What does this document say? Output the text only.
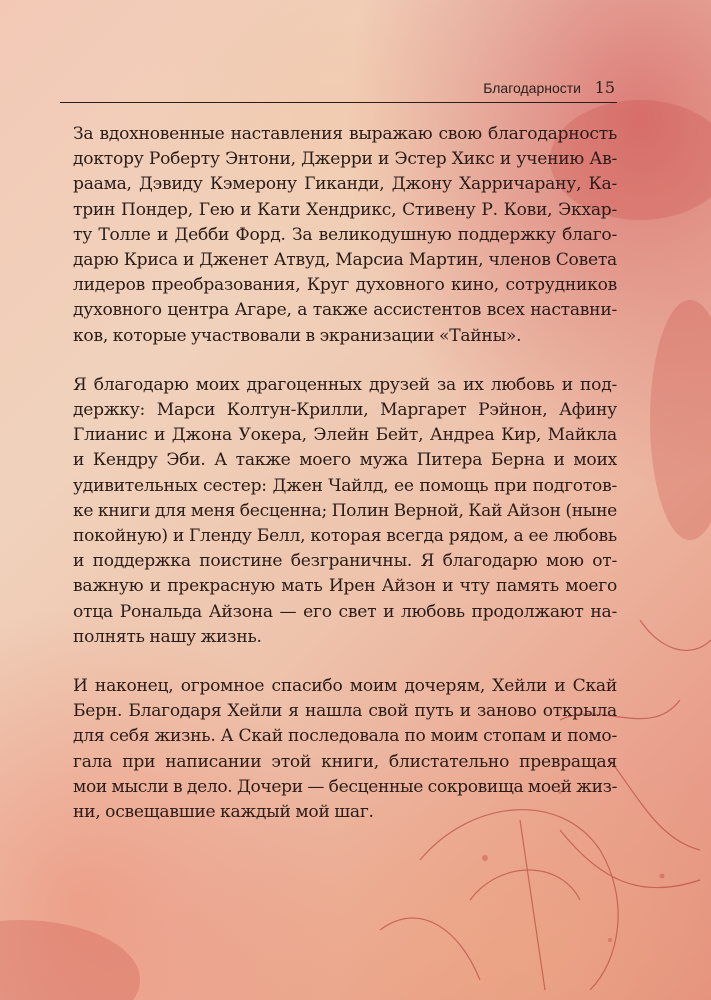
Благодарности 15

За вдохновенные наставления выражаю свою благодарность
доктору Роберту Энтони, Джерри и Эстер Хикс и учению Ав-
раама, Дэвиду Кэмерону Гиканди, Джону Харричарану, Ка-
трин Пондер, Гею и Кати Хендрикс, Стивену Р. Кови, Экхар-
ту Толле и Дебби Форд. За великодушную поддержку благо-
дарю Криса и Дженет Атвуд, Марсиа Мартин, членов Совета
лидеров преобразования, Круг духовного кино, сотрудников
духовного центра Агаре, а также ассистентов всех наставни-
ков, которые участвовали в экранизации «Тайны».

Я благодарю моих драгоценных друзей за их любовь и под-
держку: Марси Колтун-Крилли, Маргарет Рэйнон, Афину
Глианис и Джона Уокера, Элейн Бейт, Андреа Кир, Майкла
и Кендру Эби. А также моего мужа Питера Берна и моих
удивительных сестер: Джен Чайлд, ее помощь при подготов-
ке книги для меня бесценна; Полин Верной, Кай Айзон (ныне
покойную) и Гленду Белл, которая всегда рядом, а ее любовь
и поддержка поистине безграничны. Я благодарю мою от-
важную и прекрасную мать Ирен Айзон и чту память моего
отца Рональда Айзона — его свет и любовь продолжают на-
полнять нашу жизнь.

И наконец, огромное спасибо моим дочерям, Хейли и Скай
Берн. Благодаря Хейли я нашла свой путь и заново открыла
для себя жизнь. А Скай последовала по моим стопам и помо-
гала при написании этой книги, блистательно превращая
мои мысли в дело. Дочери — бесценные сокровища моей жиз-
ни, освещавшие каждый мой шаг.
